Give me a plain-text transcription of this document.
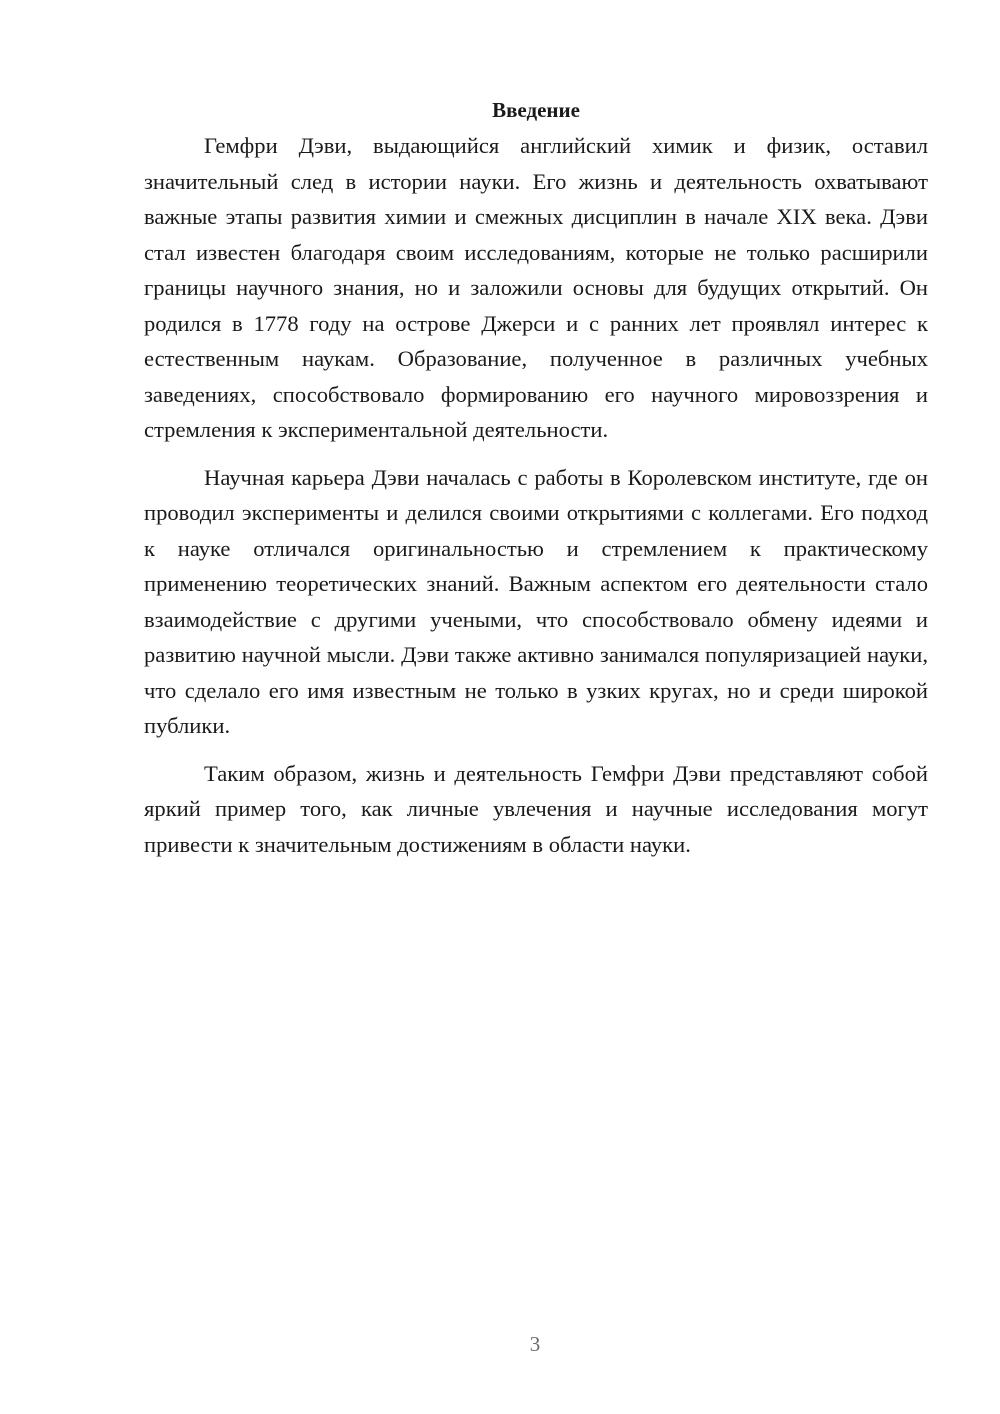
Введение

Гемфри Дэви, выдающийся английский химик и физик, оставил значительный след в истории науки. Его жизнь и деятельность охватывают важные этапы развития химии и смежных дисциплин в начале XIX века. Дэви стал известен благодаря своим исследованиям, которые не только расширили границы научного знания, но и заложили основы для будущих открытий. Он родился в 1778 году на острове Джерси и с ранних лет проявлял интерес к естественным наукам. Образование, полученное в различных учебных заведениях, способствовало формированию его научного мировоззрения и стремления к экспериментальной деятельности.

Научная карьера Дэви началась с работы в Королевском институте, где он проводил эксперименты и делился своими открытиями с коллегами. Его подход к науке отличался оригинальностью и стремлением к практическому применению теоретических знаний. Важным аспектом его деятельности стало взаимодействие с другими учеными, что способствовало обмену идеями и развитию научной мысли. Дэви также активно занимался популяризацией науки, что сделало его имя известным не только в узких кругах, но и среди широкой публики.

Таким образом, жизнь и деятельность Гемфри Дэви представляют собой яркий пример того, как личные увлечения и научные исследования могут привести к значительным достижениям в области науки.

3
